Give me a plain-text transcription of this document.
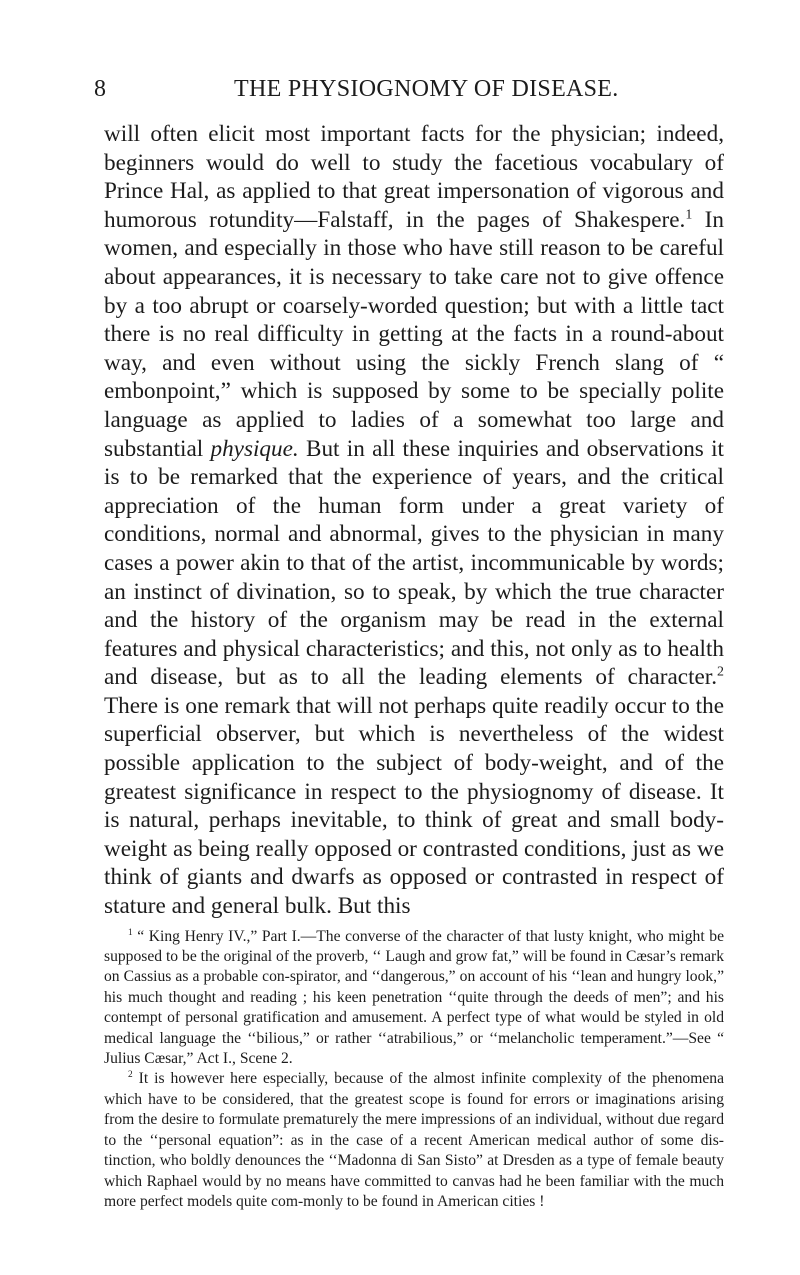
8	THE PHYSIOGNOMY OF DISEASE.

will often elicit most important facts for the physician; indeed, beginners would do well to study the facetious vocabulary of Prince Hal, as applied to that great impersonation of vigorous and humorous rotundity—Falstaff, in the pages of Shakespere.$^1$ In women, and especially in those who have still reason to be careful about appearances, it is necessary to take care not to give offence by a too abrupt or coarsely-worded question; but with a little tact there is no real difficulty in getting at the facts in a round-about way, and even without using the sickly French slang of “ embonpoint,” which is supposed by some to be specially polite language as applied to ladies of a somewhat too large and substantial physique. But in all these inquiries and observations it is to be remarked that the experience of years, and the critical appreciation of the human form under a great variety of conditions, normal and abnormal, gives to the physician in many cases a power akin to that of the artist, incommunicable by words; an instinct of divination, so to speak, by which the true character and the history of the organism may be read in the external features and physical characteristics; and this, not only as to health and disease, but as to all the leading elements of character.$^2$

There is one remark that will not perhaps quite readily occur to the superficial observer, but which is nevertheless of the widest possible application to the subject of body-weight, and of the greatest significance in respect to the physiognomy of disease. It is natural, perhaps inevitable, to think of great and small body-weight as being really opposed or contrasted conditions, just as we think of giants and dwarfs as opposed or contrasted in respect of stature and general bulk. But this

$^1$ “ King Henry IV.,” Part I.—The converse of the character of that lusty knight, who might be supposed to be the original of the proverb, ‘‘ Laugh and grow fat,” will be found in Cæsar’s remark on Cassius as a probable con-spirator, and ‘‘dangerous,” on account of his ‘‘lean and hungry look,” his much thought and reading ; his keen penetration ‘‘quite through the deeds of men”; and his contempt of personal gratification and amusement. A perfect type of what would be styled in old medical language the ‘‘bilious,” or rather ‘‘atrabilious,” or ‘‘melancholic temperament.”—See “ Julius Cæsar,” Act I., Scene 2.

$^2$ It is however here especially, because of the almost infinite complexity of the phenomena which have to be considered, that the greatest scope is found for errors or imaginations arising from the desire to formulate prematurely the mere impressions of an individual, without due regard to the ‘‘personal equation”: as in the case of a recent American medical author of some dis-tinction, who boldly denounces the ‘‘Madonna di San Sisto” at Dresden as a type of female beauty which Raphael would by no means have committed to canvas had he been familiar with the much more perfect models quite com-monly to be found in American cities !
